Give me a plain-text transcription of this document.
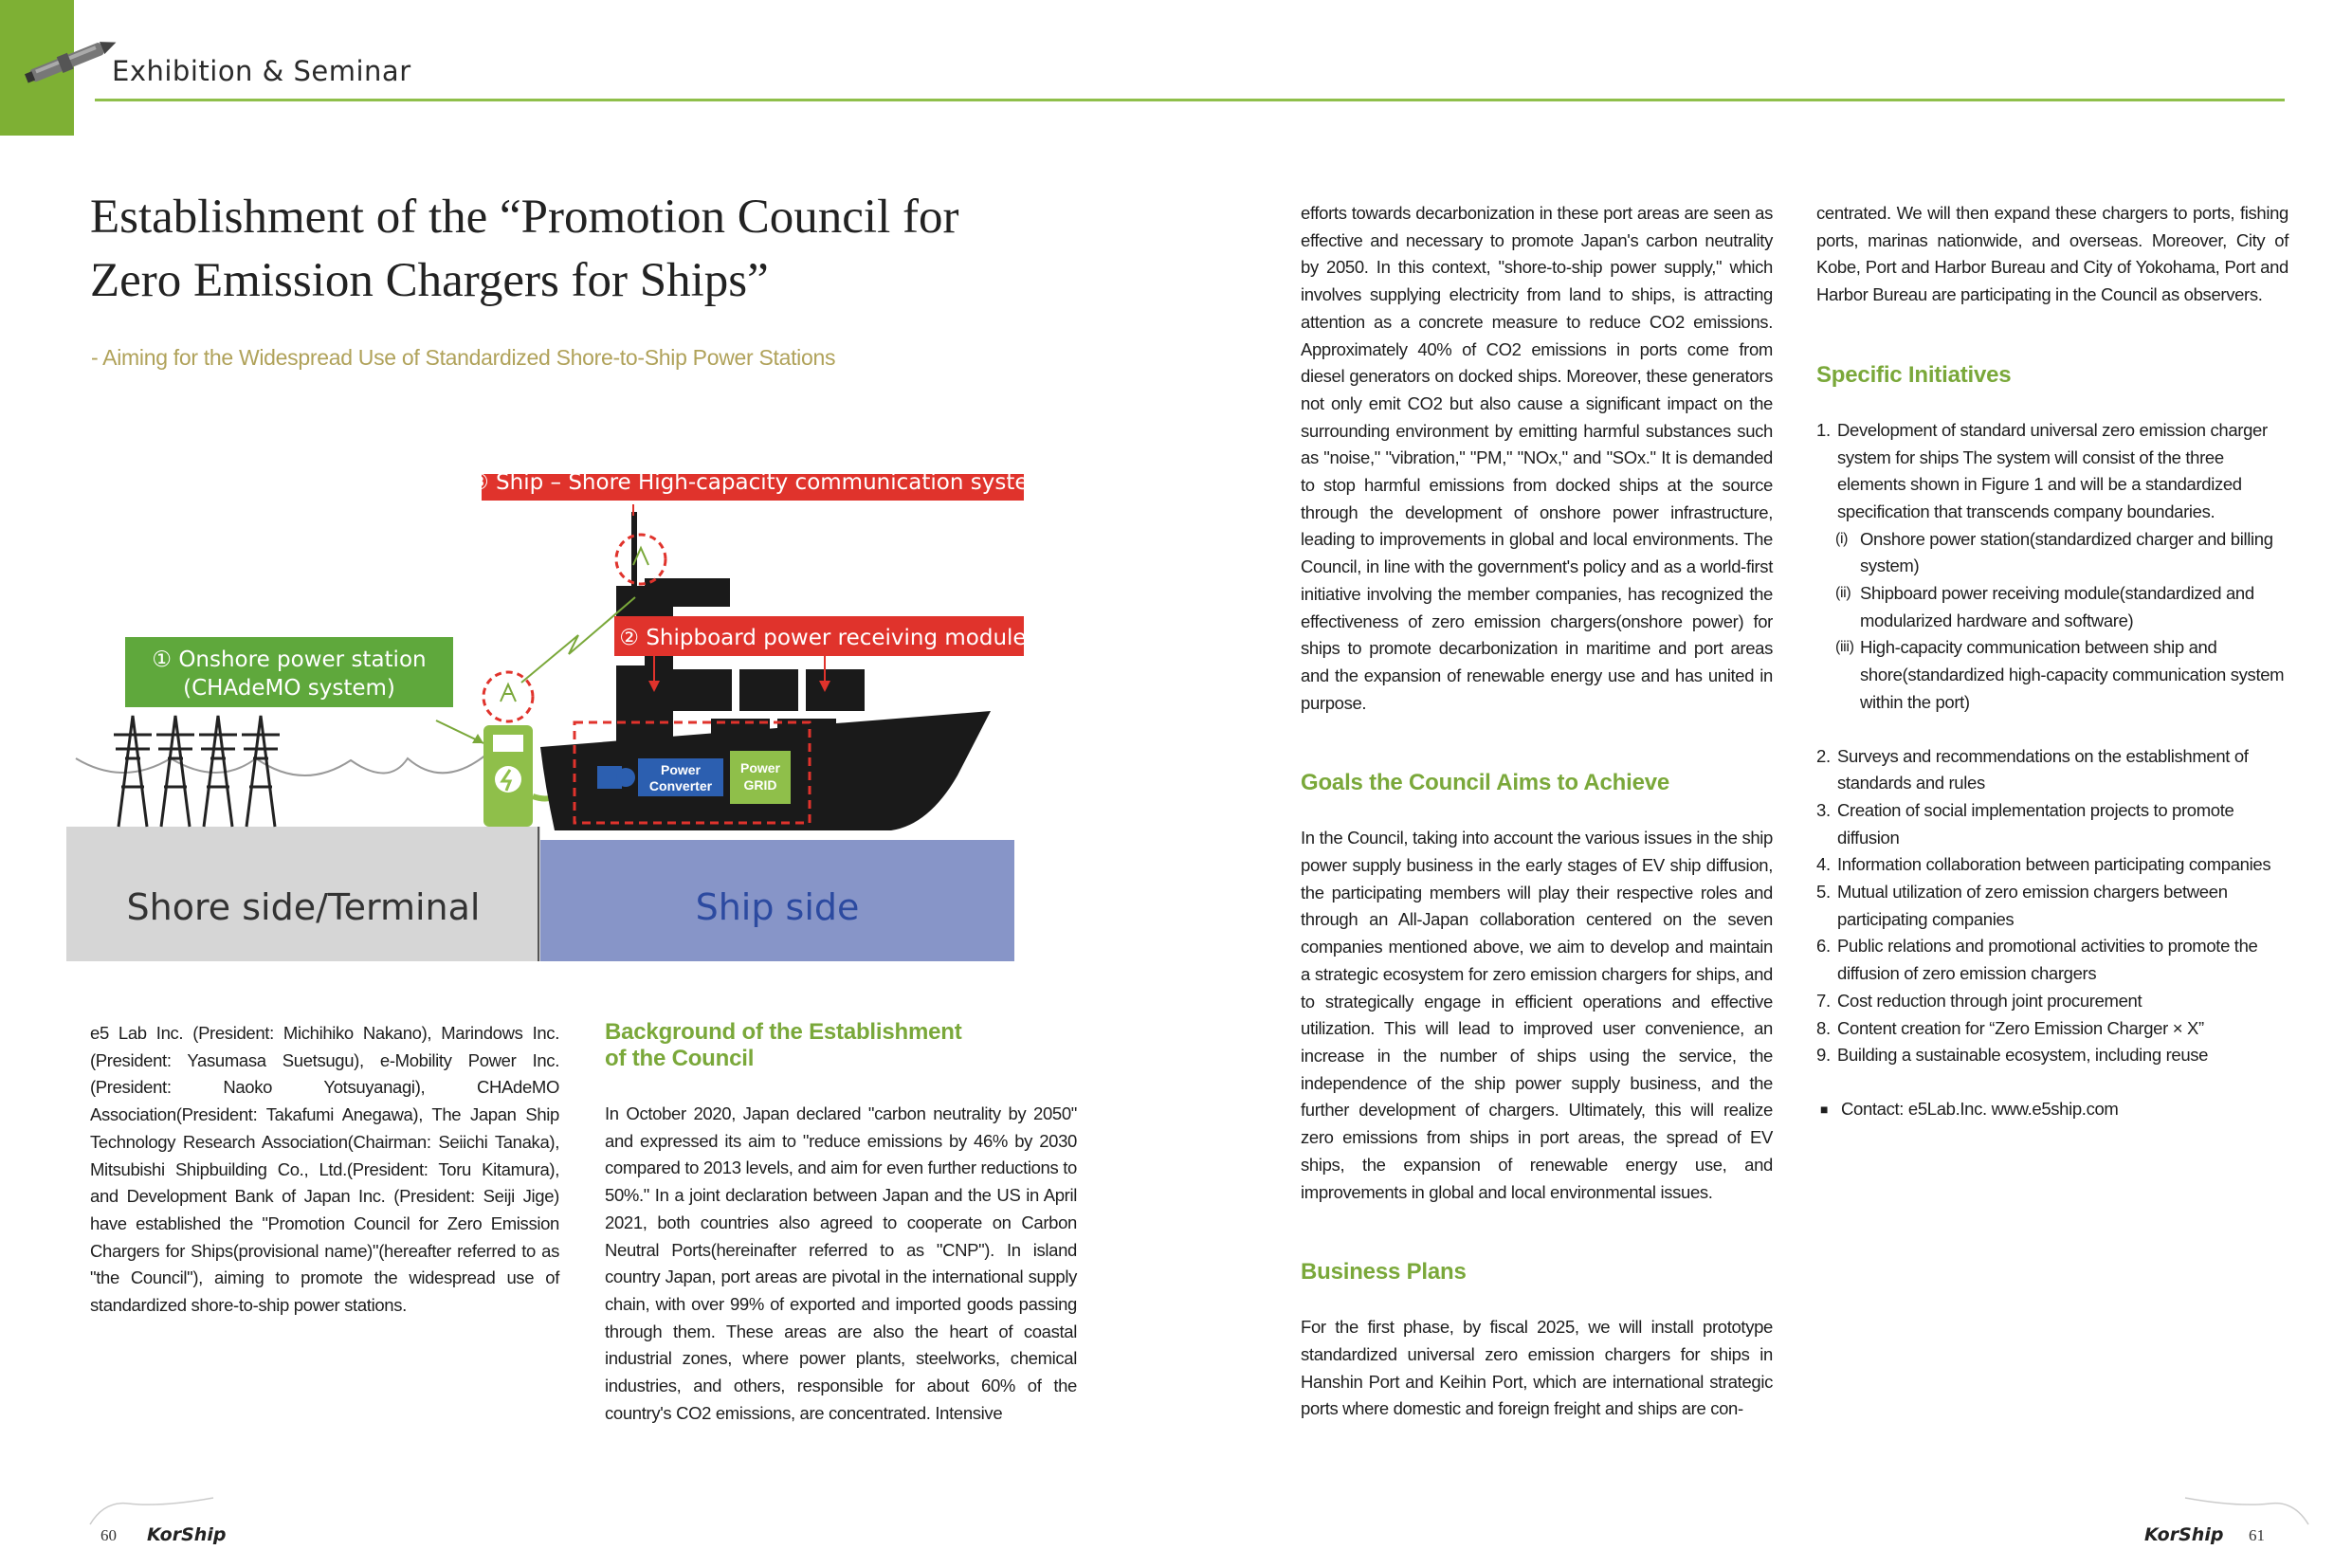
Exhibition & Seminar
Establishment of the “Promotion Council for
Zero Emission Chargers for Ships”
- Aiming for the Widespread Use of Standardized Shore-to-Ship Power Stations
Power
Converter
Power
GRID
③ Ship – Shore High-capacity communication system
② Shipboard power receiving module
① Onshore power station
(CHAdeMO system)
Shore side/Terminal	Ship side

e5 Lab Inc. (President: Michihiko Nakano), Marindows Inc. (President: Yasumasa Suetsugu), e-Mobility Power Inc.(President: Naoko Yotsuyanagi), CHAdeMO Association(President: Takafumi Anegawa), The Japan Ship Technology Research Association(Chairman: Seiichi Tanaka), Mitsubishi Shipbuilding Co., Ltd.(President: Toru Kitamura), and Development Bank of Japan Inc. (President: Seiji Jige) have established the "Promotion Council for Zero Emission Chargers for Ships(provisional name)"(hereafter referred to as "the Council"), aiming to promote the widespread use of standardized shore-to-ship power stations.

Background of the Establishment
of the Council
In October 2020, Japan declared "carbon neutrality by 2050" and expressed its aim to "reduce emissions by 46% by 2030 compared to 2013 levels, and aim for even further reductions to 50%." In a joint declaration between Japan and the US in April 2021, both countries also agreed to cooperate on Carbon Neutral Ports(hereinafter referred to as "CNP"). In island country Japan, port areas are pivotal in the international supply chain, with over 99% of exported and imported goods passing through them. These areas are also the heart of coastal industrial zones, where power plants, steelworks, chemical industries, and others, responsible for about 60% of the country's CO2 emissions, are concentrated. Intensive
efforts towards decarbonization in these port areas are seen as effective and necessary to promote Japan's carbon neutrality by 2050. In this context, "shore-to-ship power supply," which involves supplying electricity from land to ships, is attracting attention as a concrete measure to reduce CO2 emissions. Approximately 40% of CO2 emissions in ports come from diesel generators on docked ships. Moreover, these generators not only emit CO2 but also cause a significant impact on the surrounding environment by emitting harmful substances such as "noise," "vibration," "PM," "NOx," and "SOx." It is demanded to stop harmful emissions from docked ships at the source through the development of onshore power infrastructure, leading to improvements in global and local environments. The Council, in line with the government's policy and as a world-first initiative involving the member companies, has recognized the effectiveness of zero emission chargers(onshore power) for ships to promote decarbonization in maritime and port areas and the expansion of renewable energy use and has united in purpose.
Goals the Council Aims to Achieve
In the Council, taking into account the various issues in the ship power supply business in the early stages of EV ship diffusion, the participating members will play their respective roles and through an All-Japan collaboration centered on the seven companies mentioned above, we aim to develop and maintain a strategic ecosystem for zero emission chargers for ships, and to strategically engage in efficient operations and effective utilization. This will lead to improved user convenience, an increase in the number of ships using the service, the independence of the ship power supply business, and the further development of chargers. Ultimately, this will realize zero emissions from ships in port areas, the spread of EV ships, the expansion of renewable energy use, and improvements in global and local environmental issues.
Business Plans
For the first phase, by fiscal 2025, we will install prototype standardized universal zero emission chargers for ships in Hanshin Port and Keihin Port, which are international strategic ports where domestic and foreign freight and ships are con-
centrated. We will then expand these chargers to ports, fishing ports, marinas nationwide, and overseas. Moreover, City of Kobe, Port and Harbor Bureau and City of Yokohama, Port and Harbor Bureau are participating in the Council as observers.
Specific Initiatives
1. Development of standard universal zero emission charger system for ships The system will consist of the three elements shown in Figure 1 and will be a standardized specification that transcends company boundaries.
(i) Onshore power station(standardized charger and billing system)
(ii) Shipboard power receiving module(standardized and modularized hardware and software)
(iii) High-capacity communication between ship and shore(standardized high-capacity communication system within the port)
2. Surveys and recommendations on the establishment of standards and rules
3. Creation of social implementation projects to promote diffusion
4. Information collaboration between participating companies
5. Mutual utilization of zero emission chargers between participating companies
6. Public relations and promotional activities to promote the diffusion of zero emission chargers
7. Cost reduction through joint procurement
8. Content creation for “Zero Emission Charger × X”
9. Building a sustainable ecosystem, including reuse
■ Contact: e5Lab.Inc. www.e5ship.com
60 KorShip	KorShip 61
